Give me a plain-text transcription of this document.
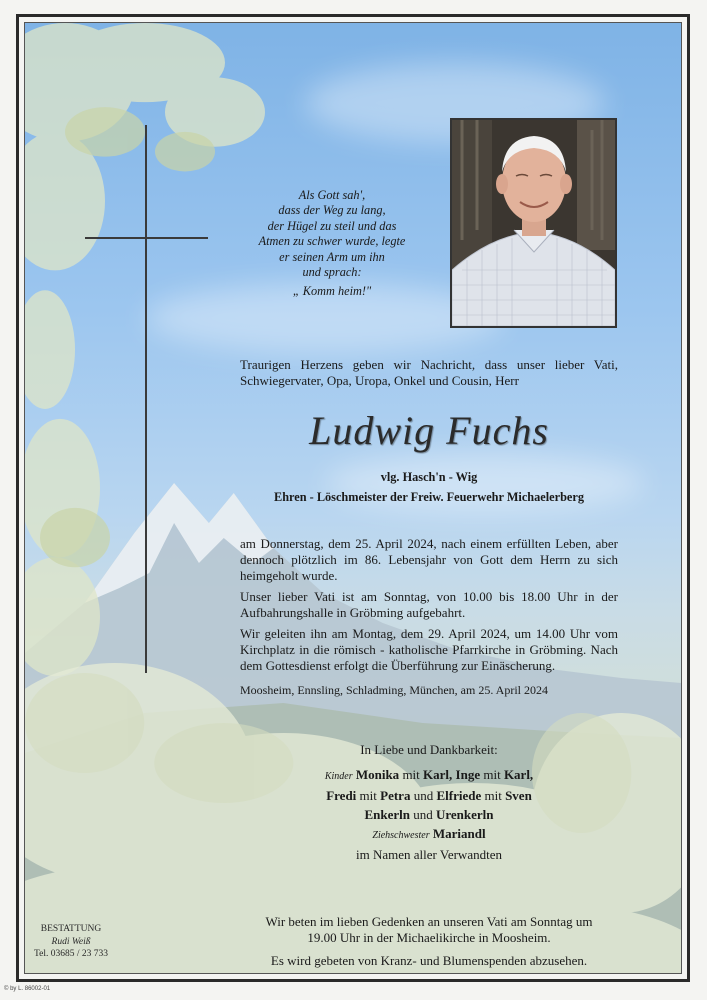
Als Gott sah',
dass der Weg zu lang,
der Hügel zu steil und das
Atmen zu schwer wurde, legte
er seinen Arm um ihn
und sprach:
„ Komm heim!"
Traurigen Herzens geben wir Nachricht, dass unser lieber Vati, Schwiegervater, Opa, Uropa, Onkel und Cousin, Herr
Ludwig Fuchs
vlg. Hasch'n - Wig
Ehren - Löschmeister der Freiw. Feuerwehr Michaelerberg
am Donnerstag, dem 25. April 2024, nach einem erfüllten Leben, aber dennoch plötzlich im 86. Lebensjahr von Gott dem Herrn zu sich heimgeholt wurde.
Unser lieber Vati ist am Sonntag, von 10.00 bis 18.00 Uhr in der Aufbahrungshalle in Gröbming aufgebahrt.
Wir geleiten ihn am Montag, dem 29. April 2024, um 14.00 Uhr vom Kirchplatz in die römisch - katholische Pfarrkirche in Gröbming. Nach dem Gottesdienst erfolgt die Überführung zur Einäscherung.
Moosheim, Ennsling, Schladming, München, am 25. April 2024
In Liebe und Dankbarkeit:
Kinder Monika mit Karl, Inge mit Karl,
Fredi mit Petra und Elfriede mit Sven
Enkerln und Urenkerln
Ziehschwester Mariandl
im Namen aller Verwandten
Wir beten im lieben Gedenken an unseren Vati am Sonntag um 19.00 Uhr in der Michaelikirche in Moosheim.
Es wird gebeten von Kranz- und Blumenspenden abzusehen.
BESTATTUNG
Rudi Weiß
Tel. 03685 / 23 733
© by L. 86002-01
